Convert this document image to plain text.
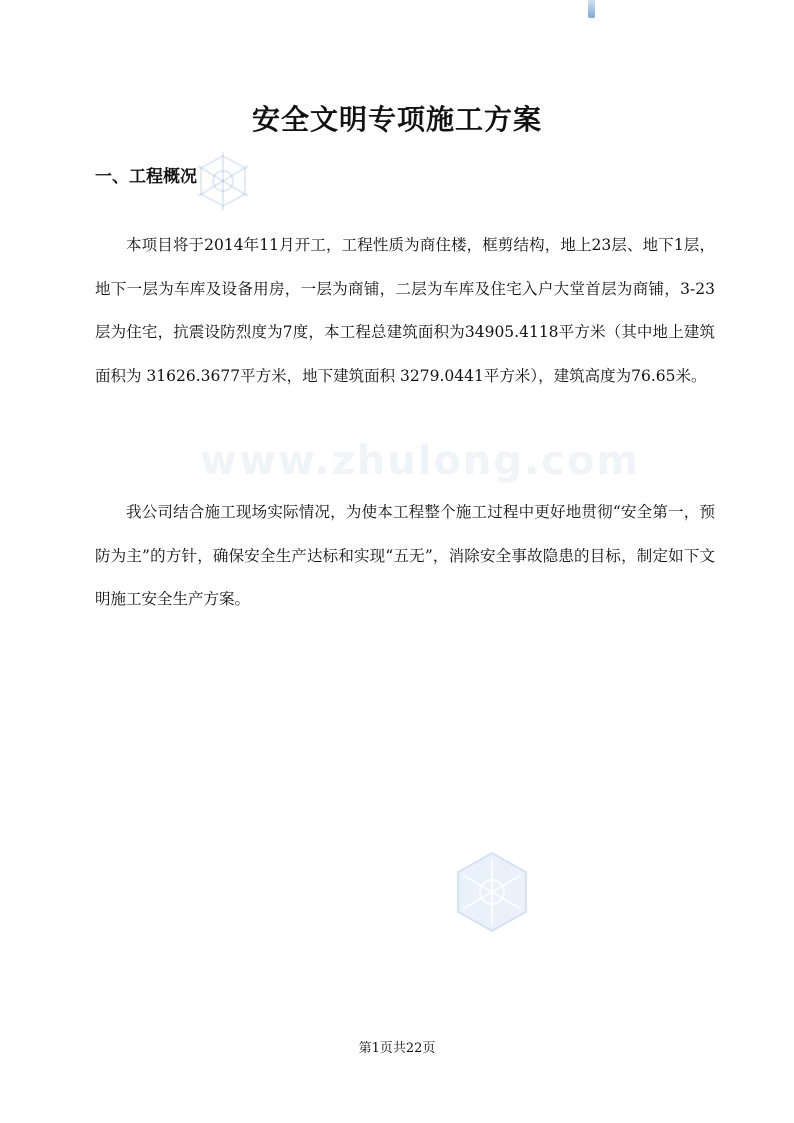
www.zhulong.com
安全文明专项施工方案
一、工程概况

本项目将于2014年11月开工，工程性质为商住楼，框剪结构，地上23层、地下1层，地下一层为车库及设备用房，一层为商铺，二层为车库及住宅入户大堂首层为商铺，3-23层为住宅，抗震设防烈度为7度，本工程总建筑面积为34905.4118平方米（其中地上建筑面积为 31626.3677平方米，地下建筑面积 3279.0441平方米），建筑高度为76.65米。

我公司结合施工现场实际情况，为使本工程整个施工过程中更好地贯彻“安全第一，预防为主”的方针，确保安全生产达标和实现“五无”，消除安全事故隐患的目标，制定如下文明施工安全生产方案。

第1页共22页
